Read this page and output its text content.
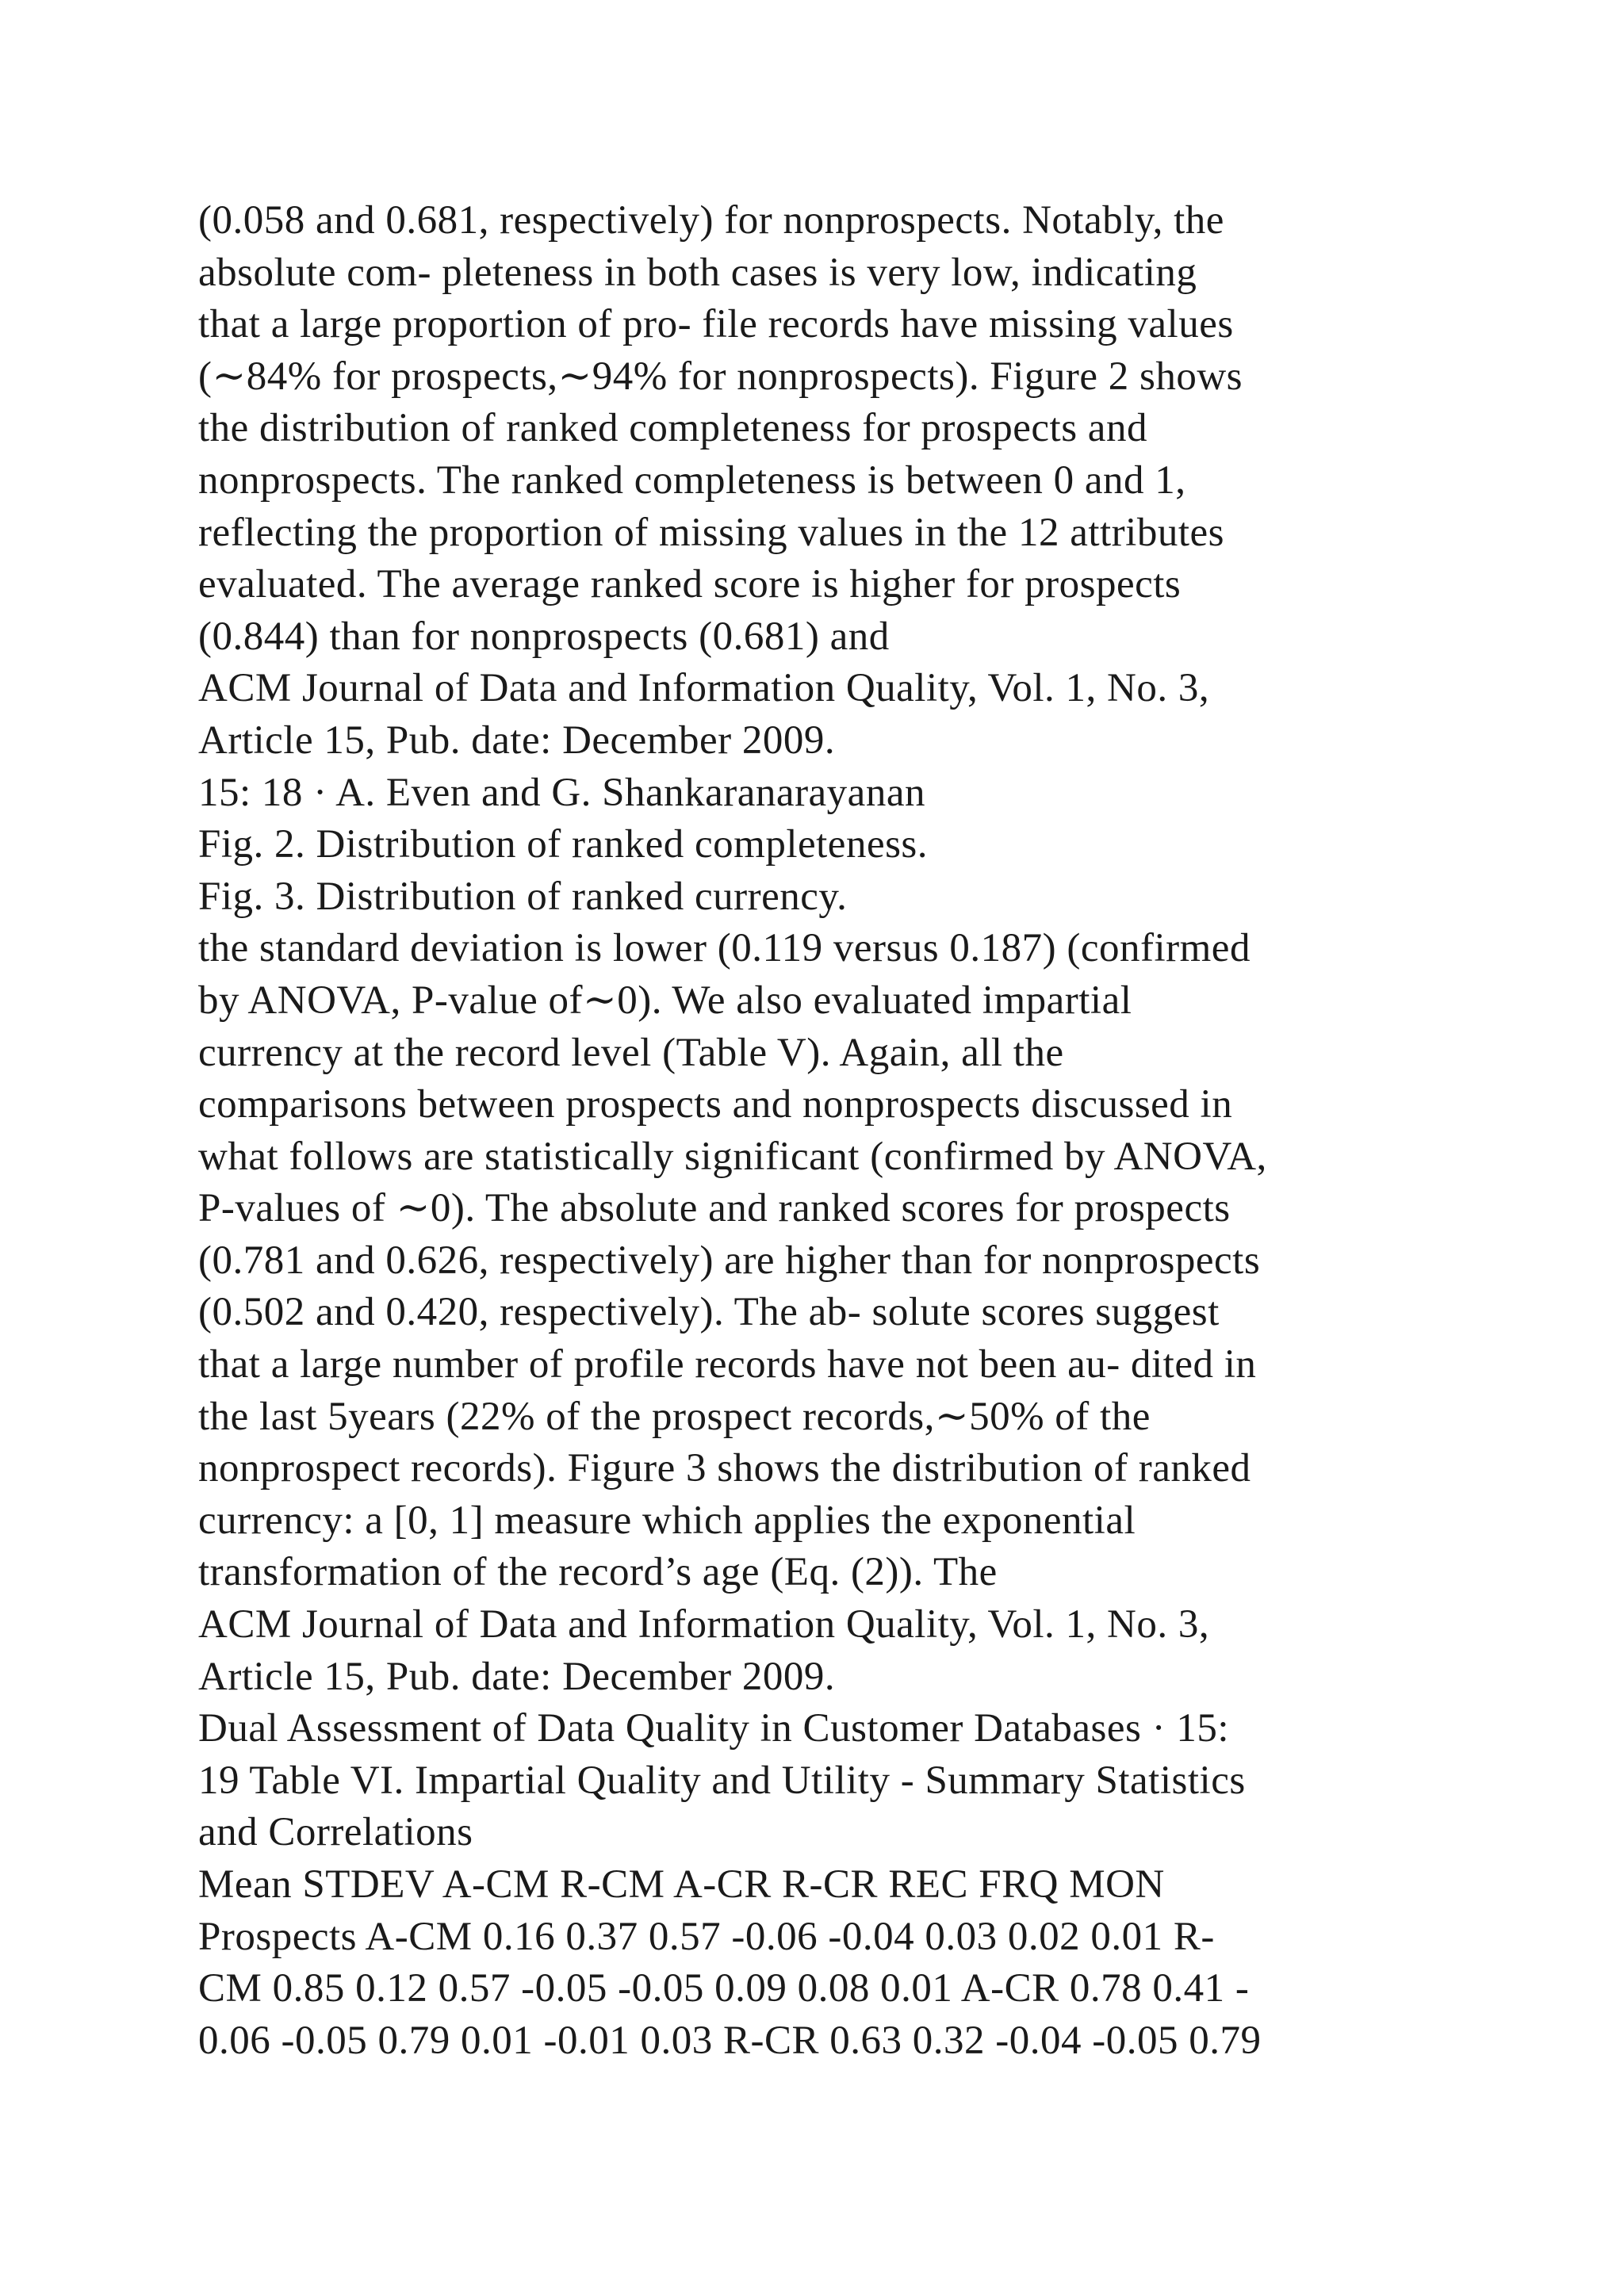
(0.058 and 0.681, respectively) for nonprospects. Notably, the
absolute com- pleteness in both cases is very low, indicating
that a large proportion of pro- file records have missing values
(∼84% for prospects,∼94% for nonprospects). Figure 2 shows
the distribution of ranked completeness for prospects and
nonprospects. The ranked completeness is between 0 and 1,
reflecting the proportion of missing values in the 12 attributes
evaluated. The average ranked score is higher for prospects
(0.844) than for nonprospects (0.681) and
ACM Journal of Data and Information Quality, Vol. 1, No. 3,
Article 15, Pub. date: December 2009.
15: 18 · A. Even and G. Shankaranarayanan
Fig. 2. Distribution of ranked completeness.
Fig. 3. Distribution of ranked currency.
the standard deviation is lower (0.119 versus 0.187) (confirmed
by ANOVA, P-value of∼0). We also evaluated impartial
currency at the record level (Table V). Again, all the
comparisons between prospects and nonprospects discussed in
what follows are statistically significant (confirmed by ANOVA,
P-values of ∼0). The absolute and ranked scores for prospects
(0.781 and 0.626, respectively) are higher than for nonprospects
(0.502 and 0.420, respectively). The ab- solute scores suggest
that a large number of profile records have not been au- dited in
the last 5years (22% of the prospect records,∼50% of the
nonprospect records). Figure 3 shows the distribution of ranked
currency: a [0, 1] measure which applies the exponential
transformation of the record’s age (Eq. (2)). The
ACM Journal of Data and Information Quality, Vol. 1, No. 3,
Article 15, Pub. date: December 2009.
Dual Assessment of Data Quality in Customer Databases · 15:
19 Table VI. Impartial Quality and Utility - Summary Statistics
and Correlations
Mean STDEV A-CM R-CM A-CR R-CR REC FRQ MON
Prospects A-CM 0.16 0.37 0.57 -0.06 -0.04 0.03 0.02 0.01 R-
CM 0.85 0.12 0.57 -0.05 -0.05 0.09 0.08 0.01 A-CR 0.78 0.41 -
0.06 -0.05 0.79 0.01 -0.01 0.03 R-CR 0.63 0.32 -0.04 -0.05 0.79
